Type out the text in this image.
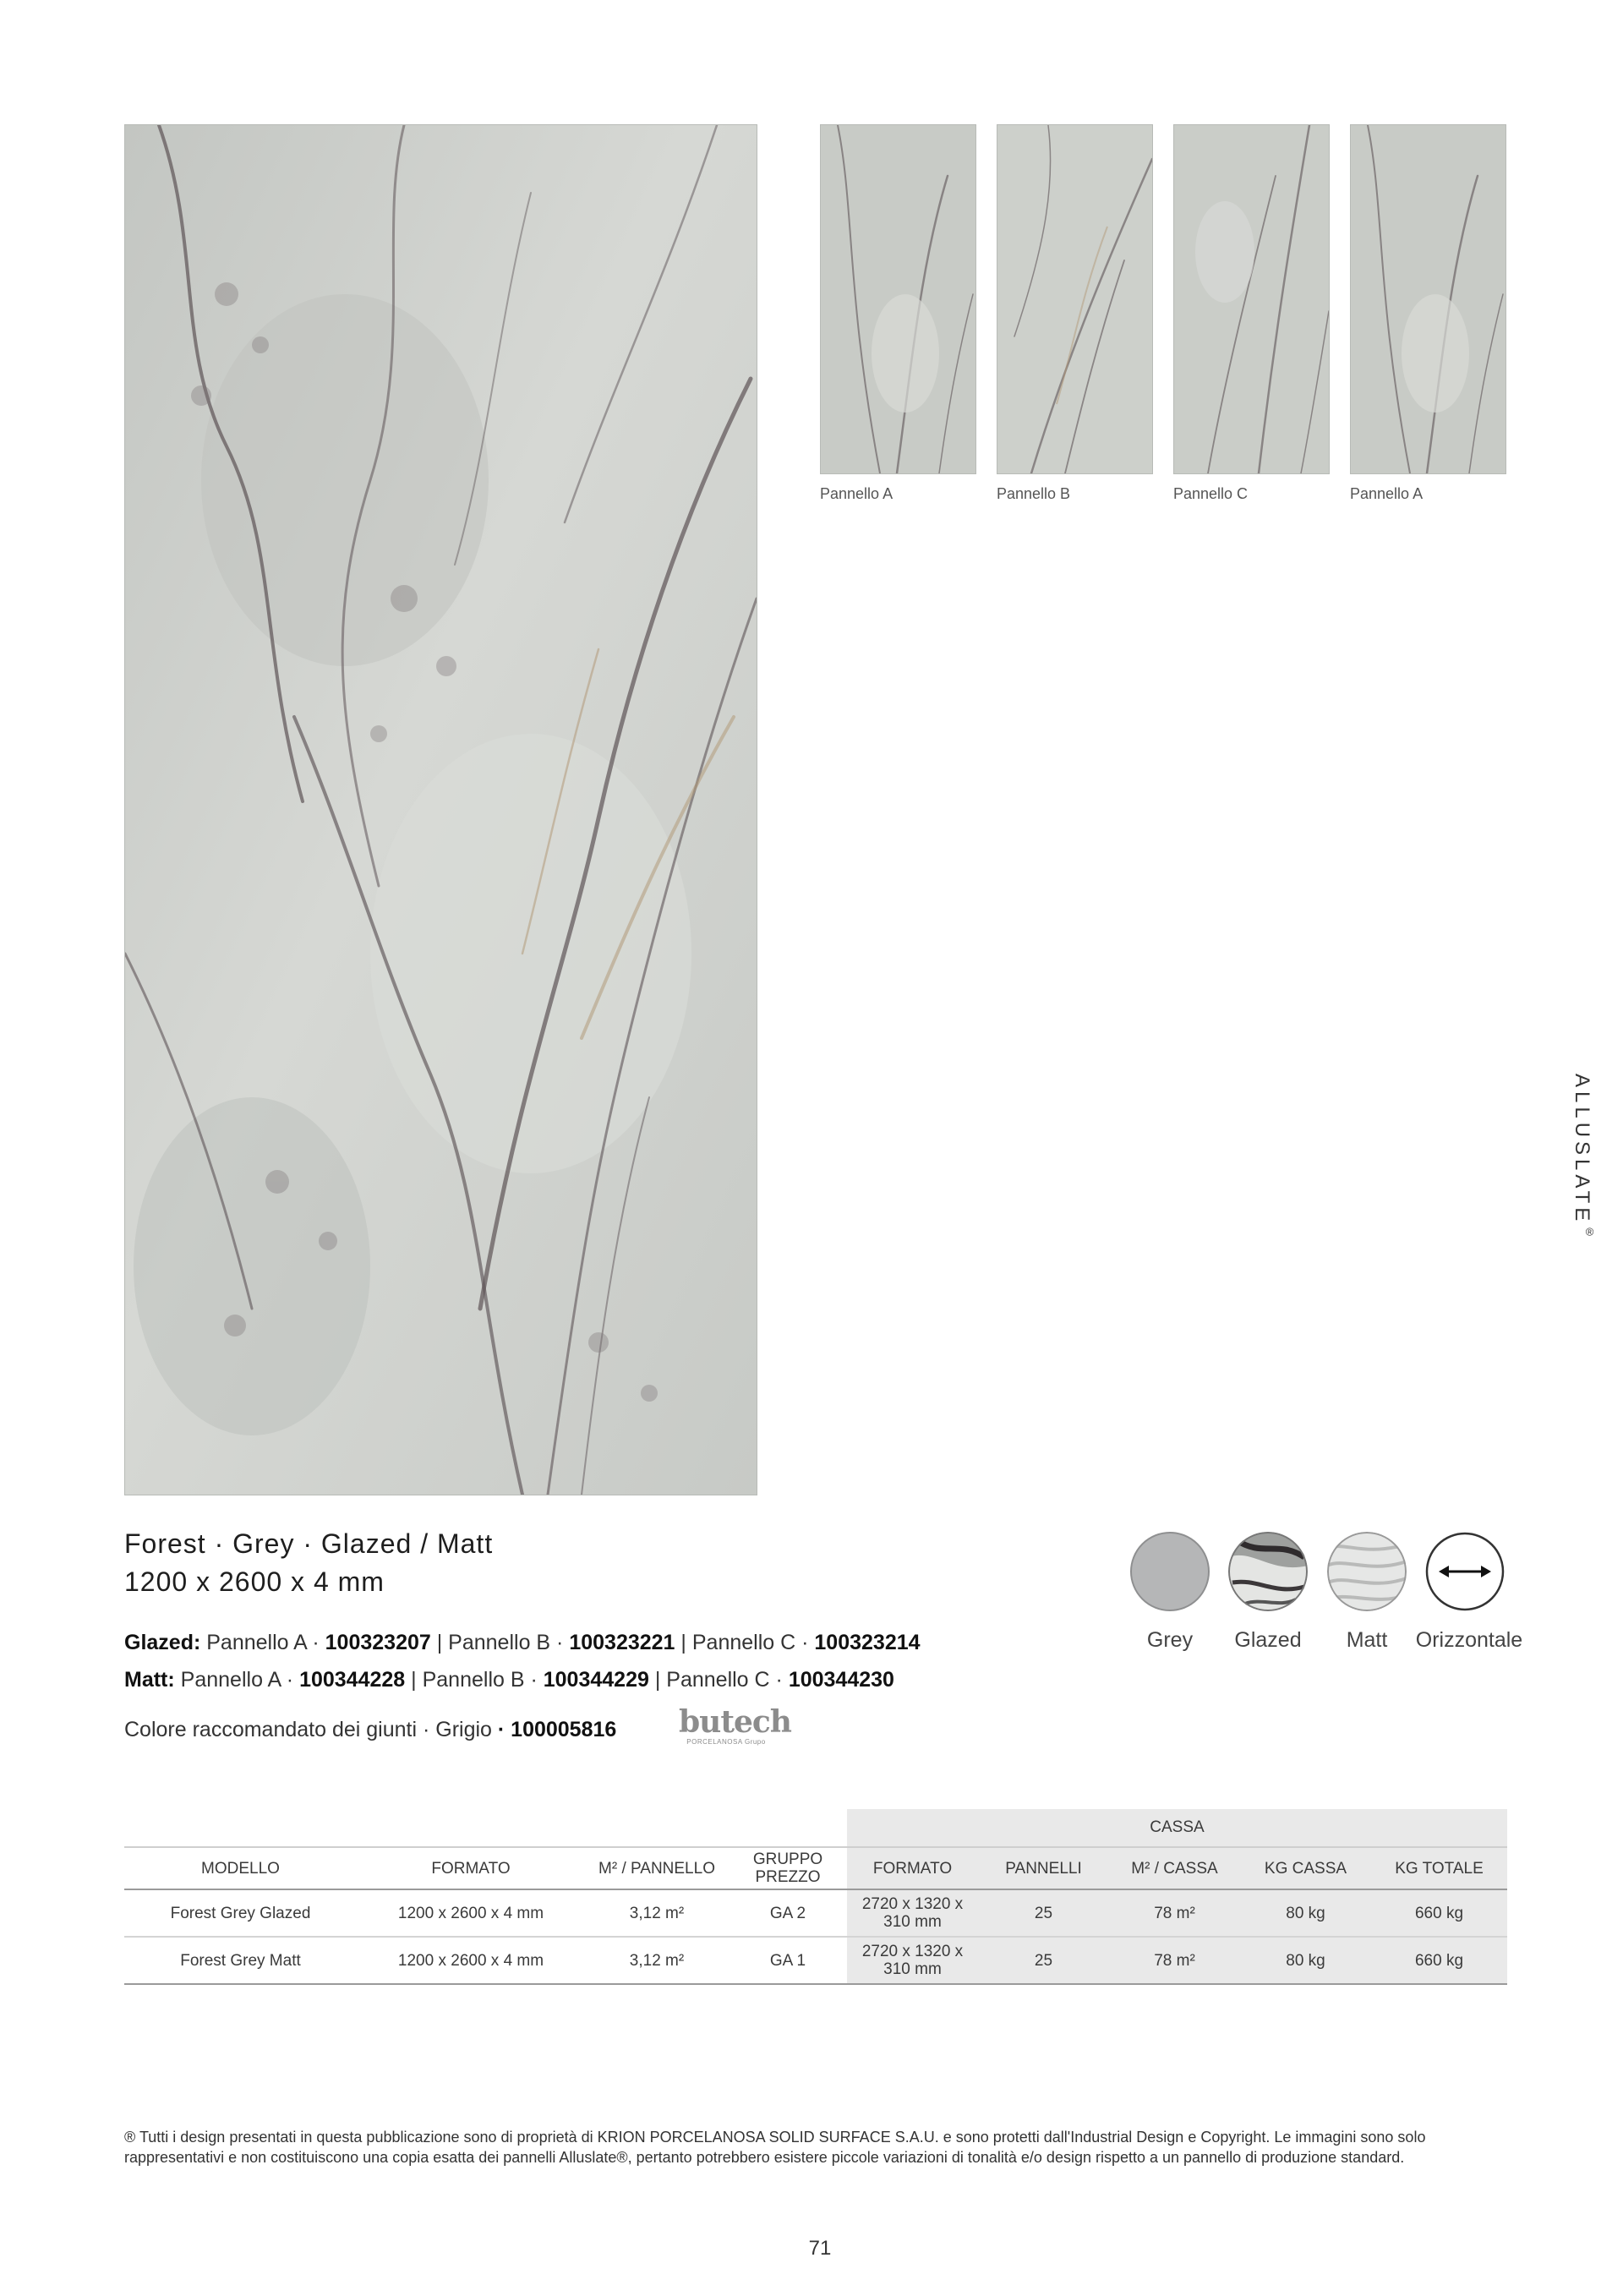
Pannello A	Pannello B	Pannello C	Pannello A
ALLUSLATE®
Forest · Grey · Glazed / Matt
1200 x 2600 x 4 mm
Glazed: Pannello A · 100323207 | Pannello B · 100323221 | Pannello C · 100323214
Matt: Pannello A · 100344228 | Pannello B · 100344229 | Pannello C · 100344230
Colore raccomandato dei giunti · Grigio · 100005816 butech
PORCELANOSA Grupo
Grey	Glazed	Matt	Orizzontale
				CASSA				
MODELLO	FORMATO	M² / PANNELLO	GRUPPO PREZZO	FORMATO	PANNELLI	M² / CASSA	KG CASSA	KG TOTALE
Forest Grey Glazed	1200 x 2600 x 4 mm	3,12 m²	GA 2	2720 x 1320 x 310 mm	25	78 m²	80 kg	660 kg
Forest Grey Matt	1200 x 2600 x 4 mm	3,12 m²	GA 1	2720 x 1320 x 310 mm	25	78 m²	80 kg	660 kg
® Tutti i design presentati in questa pubblicazione sono di proprietà di KRION PORCELANOSA SOLID SURFACE S.A.U. e sono protetti dall'Industrial Design e Copyright. Le immagini sono solo rappresentativi e non costituiscono una copia esatta dei pannelli Alluslate®, pertanto potrebbero esistere piccole variazioni di tonalità e/o design rispetto a un pannello di produzione standard.
71
